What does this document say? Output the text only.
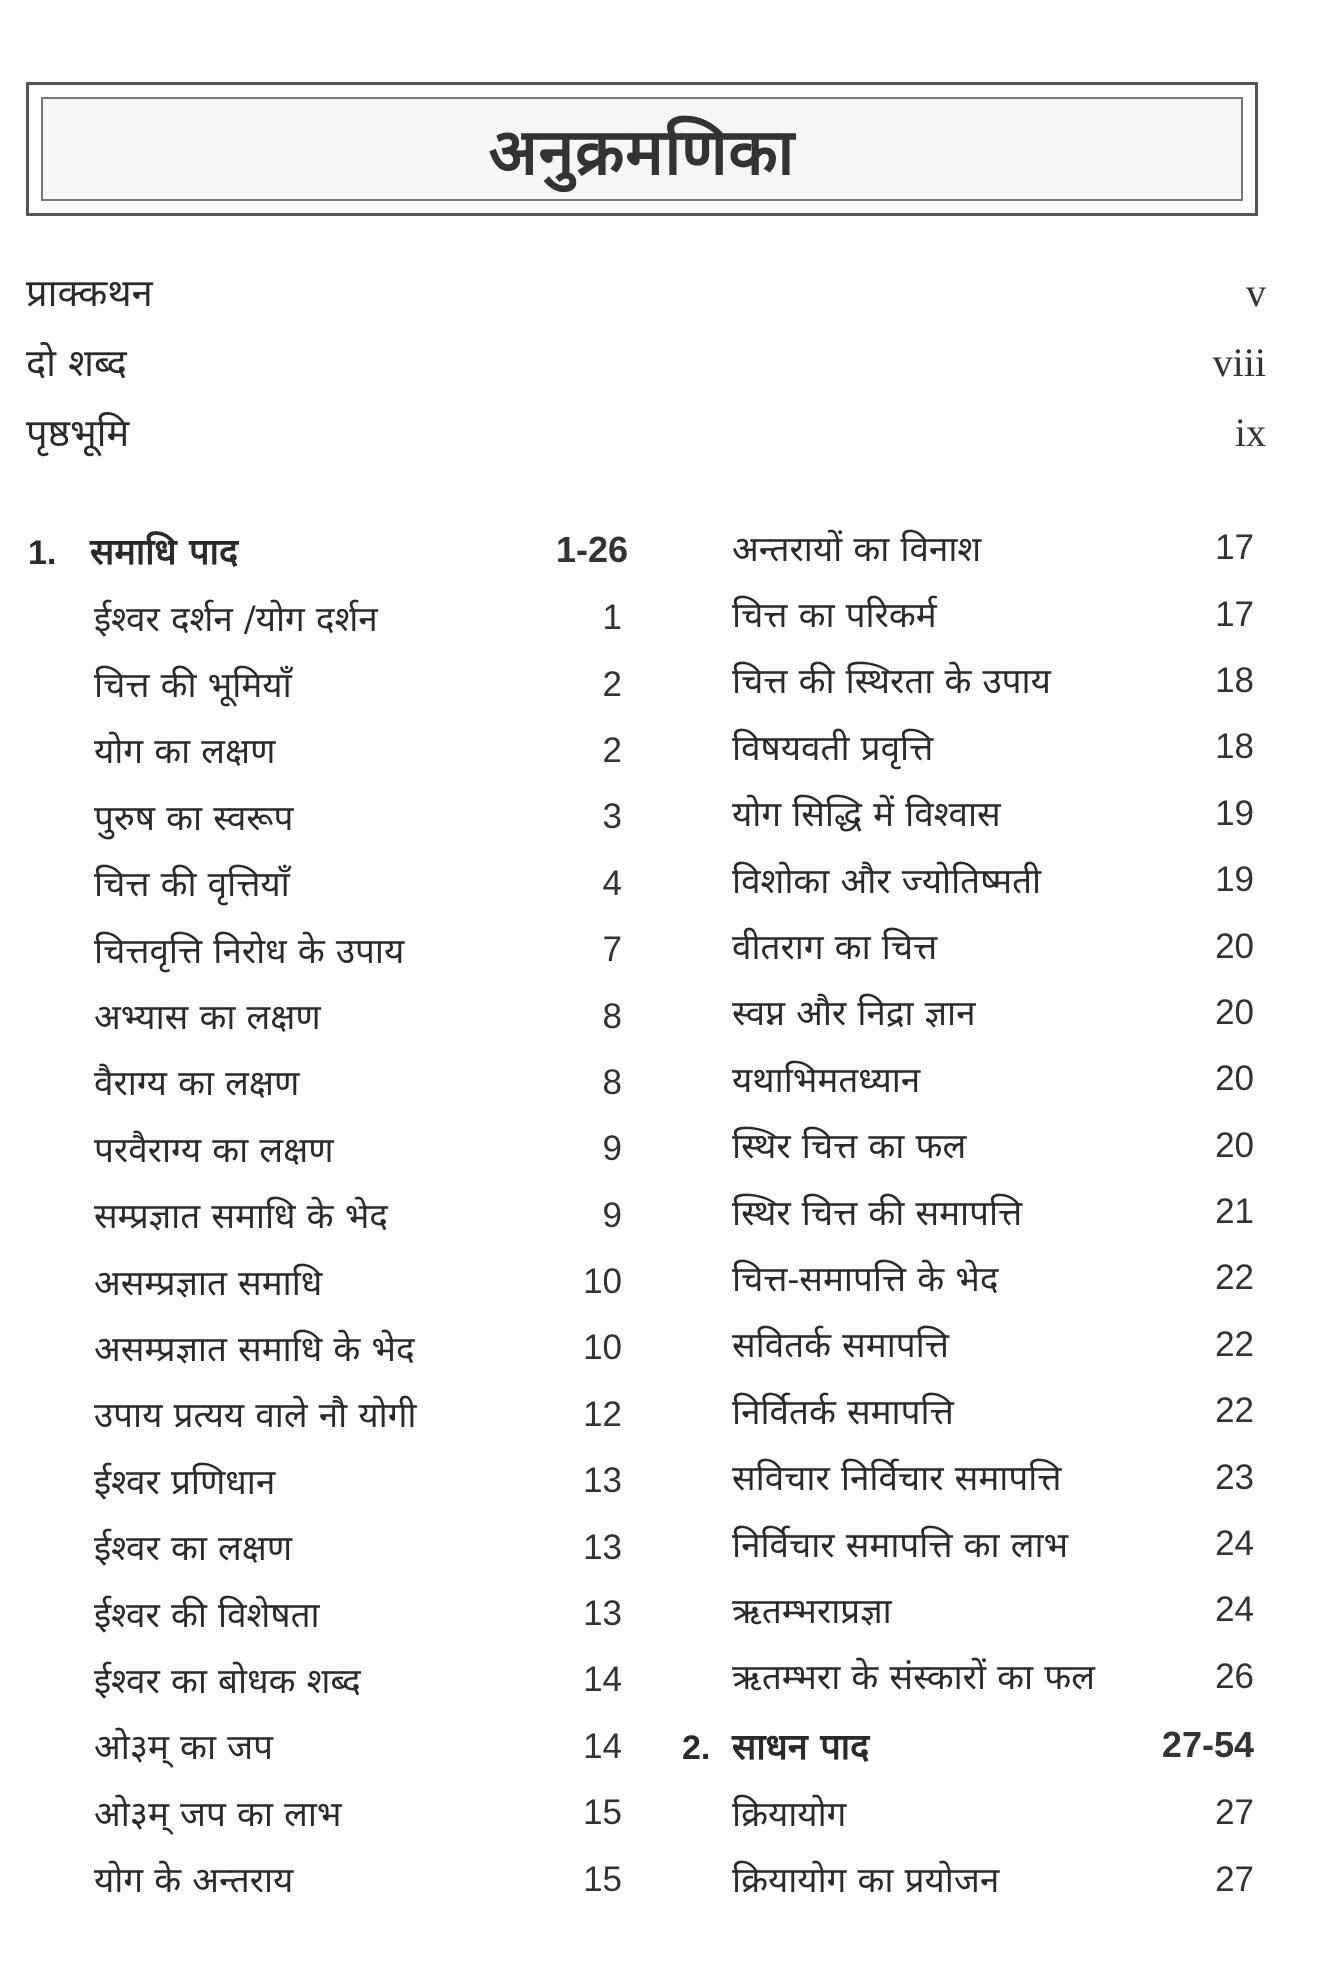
अनुक्रमणिका
प्राक्कथन	v
दो शब्द	viii
पृष्ठभूमि	ix
1. समाधि पाद	1-26
ईश्वर दर्शन /योग दर्शन	1
चित्त की भूमियाँ	2
योग का लक्षण	2
पुरुष का स्वरूप	3
चित्त की वृत्तियाँ	4
चित्तवृत्ति निरोध के उपाय	7
अभ्यास का लक्षण	8
वैराग्य का लक्षण	8
परवैराग्य का लक्षण	9
सम्प्रज्ञात समाधि के भेद	9
असम्प्रज्ञात समाधि	10
असम्प्रज्ञात समाधि के भेद	10
उपाय प्रत्यय वाले नौ योगी	12
ईश्वर प्रणिधान	13
ईश्वर का लक्षण	13
ईश्वर की विशेषता	13
ईश्वर का बोधक शब्द	14
ओ३म् का जप	14
ओ३म् जप का लाभ	15
योग के अन्तराय	15
अन्तरायों का विनाश	17
चित्त का परिकर्म	17
चित्त की स्थिरता के उपाय	18
विषयवती प्रवृत्ति	18
योग सिद्धि में विश्वास	19
विशोका और ज्योतिष्मती	19
वीतराग का चित्त	20
स्वप्न और निद्रा ज्ञान	20
यथाभिमतध्यान	20
स्थिर चित्त का फल	20
स्थिर चित्त की समापत्ति	21
चित्त-समापत्ति के भेद	22
सवितर्क समापत्ति	22
निर्वितर्क समापत्ति	22
सविचार निर्विचार समापत्ति	23
निर्विचार समापत्ति का लाभ	24
ऋतम्भराप्रज्ञा	24
ऋतम्भरा के संस्कारों का फल	26
2. साधन पाद	27-54
क्रियायोग	27
क्रियायोग का प्रयोजन	27
